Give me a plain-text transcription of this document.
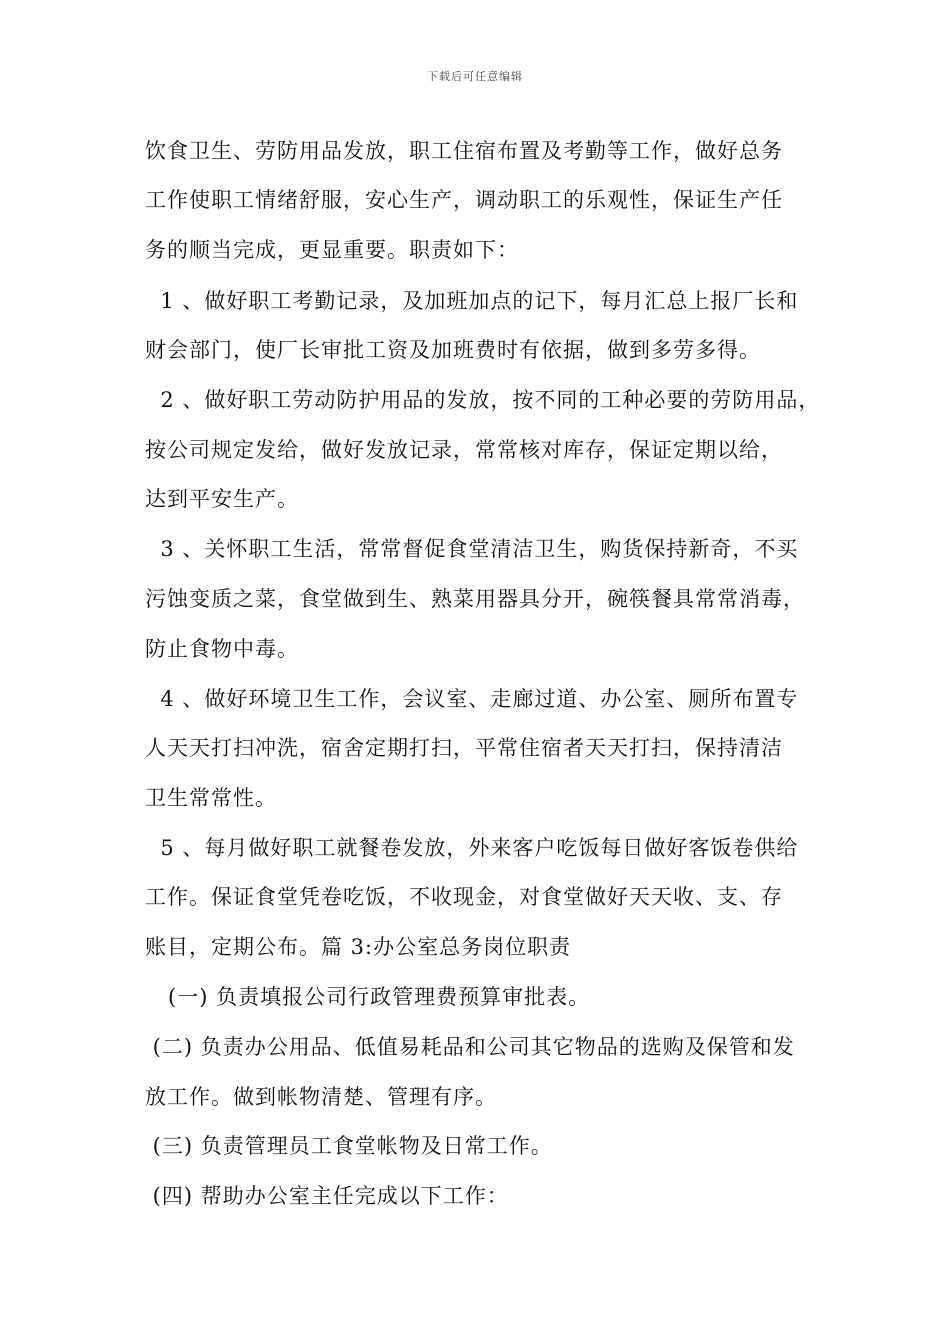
下载后可任意编辑
饮食卫生、劳防用品发放，职工住宿布置及考勤等工作，做好总务
工作使职工情绪舒服，安心生产，调动职工的乐观性，保证生产任
务的顺当完成，更显重要。职责如下：
1 、做好职工考勤记录，及加班加点的记下，每月汇总上报厂长和
财会部门，使厂长审批工资及加班费时有依据，做到多劳多得。
2 、做好职工劳动防护用品的发放，按不同的工种必要的劳防用品，
按公司规定发给，做好发放记录，常常核对库存，保证定期以给，
达到平安生产。
3 、关怀职工生活，常常督促食堂清洁卫生，购货保持新奇，不买
污蚀变质之菜，食堂做到生、熟菜用器具分开，碗筷餐具常常消毒，
防止食物中毒。
4 、做好环境卫生工作，会议室、走廊过道、办公室、厕所布置专
人天天打扫冲洗，宿舍定期打扫，平常住宿者天天打扫，保持清洁
卫生常常性。
5 、每月做好职工就餐卷发放，外来客户吃饭每日做好客饭卷供给
工作。保证食堂凭卷吃饭，不收现金，对食堂做好天天收、支、存
账目，定期公布。篇 3:办公室总务岗位职责
(一) 负责填报公司行政管理费预算审批表。
(二) 负责办公用品、低值易耗品和公司其它物品的选购及保管和发
放工作。做到帐物清楚、管理有序。
(三) 负责管理员工食堂帐物及日常工作。
(四) 帮助办公室主任完成以下工作：
